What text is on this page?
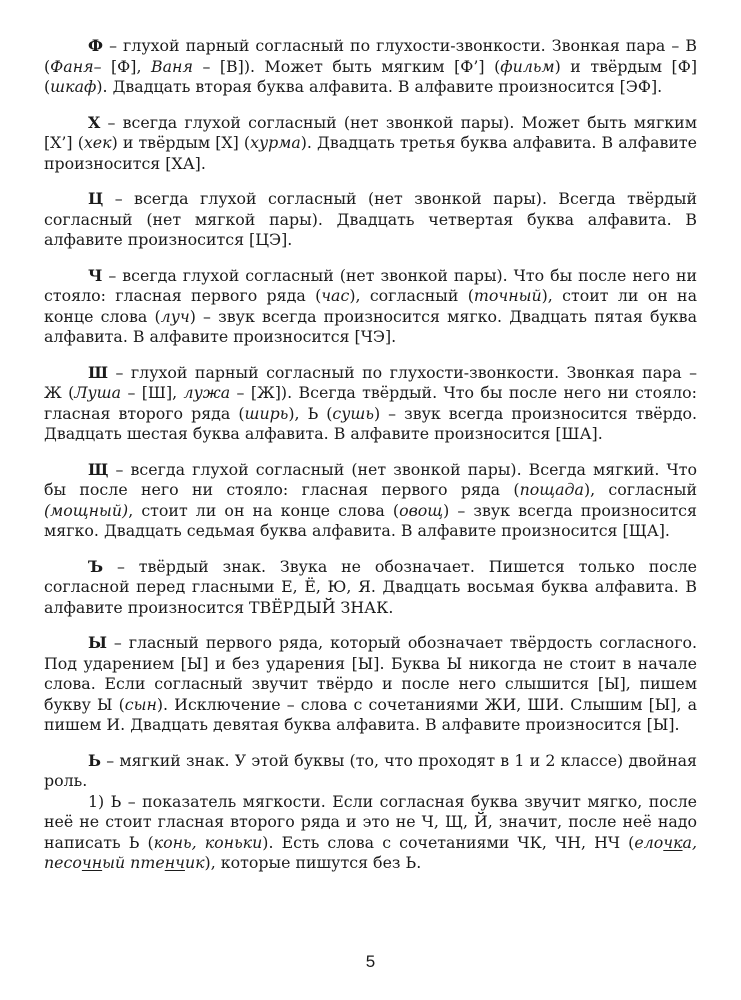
Ф – глухой парный согласный по глухости-звонкости. Звонкая пара – В (Фаня– [Ф], Ваня – [В]). Может быть мягким [Ф’] (фильм) и твёрдым [Ф] (шкаф). Двадцать вторая буква алфавита. В алфавите произносится [ЭФ].

Х – всегда глухой согласный (нет звонкой пары). Может быть мягким [Х’] (хек) и твёрдым [Х] (хурма). Двадцать третья буква алфавита. В алфавите произносится [ХА].

Ц – всегда глухой согласный (нет звонкой пары). Всегда твёрдый согласный (нет мягкой пары). Двадцать четвертая буква алфавита. В алфавите произносится [ЦЭ].

Ч – всегда глухой согласный (нет звонкой пары). Что бы после него ни стояло: гласная первого ряда (час), согласный (точный), стоит ли он на конце слова (луч) – звук всегда произносится мягко. Двадцать пятая буква алфавита. В алфавите произносится [ЧЭ].

Ш – глухой парный согласный по глухости-звонкости. Звонкая пара – Ж (Луша – [Ш], лужа – [Ж]). Всегда твёрдый. Что бы после него ни стояло: гласная второго ряда (ширь), Ь (сушь) – звук всегда произносится твёрдо. Двадцать шестая буква алфавита. В алфавите произносится [ША].

Щ – всегда глухой согласный (нет звонкой пары). Всегда мягкий. Что бы после него ни стояло: гласная первого ряда (пощада), согласный (мощный), стоит ли он на конце слова (овощ) – звук всегда произносится мягко. Двадцать седьмая буква алфавита. В алфавите произносится [ЩА].

Ъ – твёрдый знак. Звука не обозначает. Пишется только после согласной перед гласными Е, Ё, Ю, Я. Двадцать восьмая буква алфавита. В алфавите произносится ТВЁРДЫЙ ЗНАК.

Ы – гласный первого ряда, который обозначает твёрдость согласного. Под ударением [Ы] и без ударения [Ы]. Буква Ы никогда не стоит в начале слова. Если согласный звучит твёрдо и после него слышится [Ы], пишем букву Ы (сын). Исключение – слова с сочетаниями ЖИ, ШИ. Слышим [Ы], а пишем И. Двадцать девятая буква алфавита. В алфавите произносится [Ы].

Ь – мягкий знак. У этой буквы (то, что проходят в 1 и 2 классе) двойная роль.

1) Ь – показатель мягкости. Если согласная буква звучит мягко, после неё не стоит гласная второго ряда и это не Ч, Щ, Й, значит, после неё надо написать Ь (конь, коньки). Есть слова с сочетаниями ЧК, ЧН, НЧ (елочка, песочный птенчик), которые пишутся без Ь.

5
